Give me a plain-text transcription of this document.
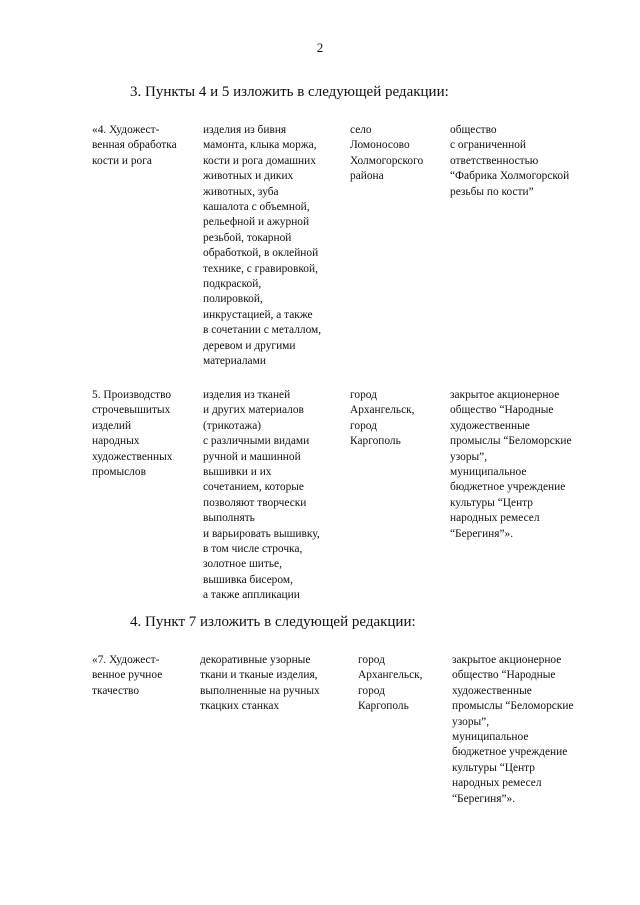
2
3. Пункты 4 и 5 изложить в следующей редакции:
«4. Художест-
венная обработка
кости и рога
изделия из бивня
мамонта, клыка моржа,
кости и рога домашних
животных и диких
животных, зуба
кашалота с объемной,
рельефной и ажурной
резьбой, токарной
обработкой, в оклейной
технике, с гравировкой,
подкраской,
полировкой,
инкрустацией, а также
в сочетании с металлом,
деревом и другими
материалами
село
Ломоносово
Холмогорского
района
общество
с ограниченной
ответственностью
“Фабрика Холмогорской
резьбы по кости”
5. Производство
строчевышитых
изделий
народных
художественных
промыслов
изделия из тканей
и других материалов
(трикотажа)
с различными видами
ручной и машинной
вышивки и их
сочетанием, которые
позволяют творчески
выполнять
и варьировать вышивку,
в том числе строчка,
золотное шитье,
вышивка бисером,
а также аппликации
город
Архангельск,
город
Каргополь
закрытое акционерное
общество “Народные
художественные
промыслы “Беломорские
узоры”,
муниципальное
бюджетное учреждение
культуры “Центр
народных ремесел
“Берегиня”».
4. Пункт 7 изложить в следующей редакции:
«7. Художест-
венное ручное
ткачество
декоративные узорные
ткани и тканые изделия,
выполненные на ручных
ткацких станках
город
Архангельск,
город
Каргополь
закрытое акционерное
общество “Народные
художественные
промыслы “Беломорские
узоры”,
муниципальное
бюджетное учреждение
культуры “Центр
народных ремесел
“Берегиня”».
